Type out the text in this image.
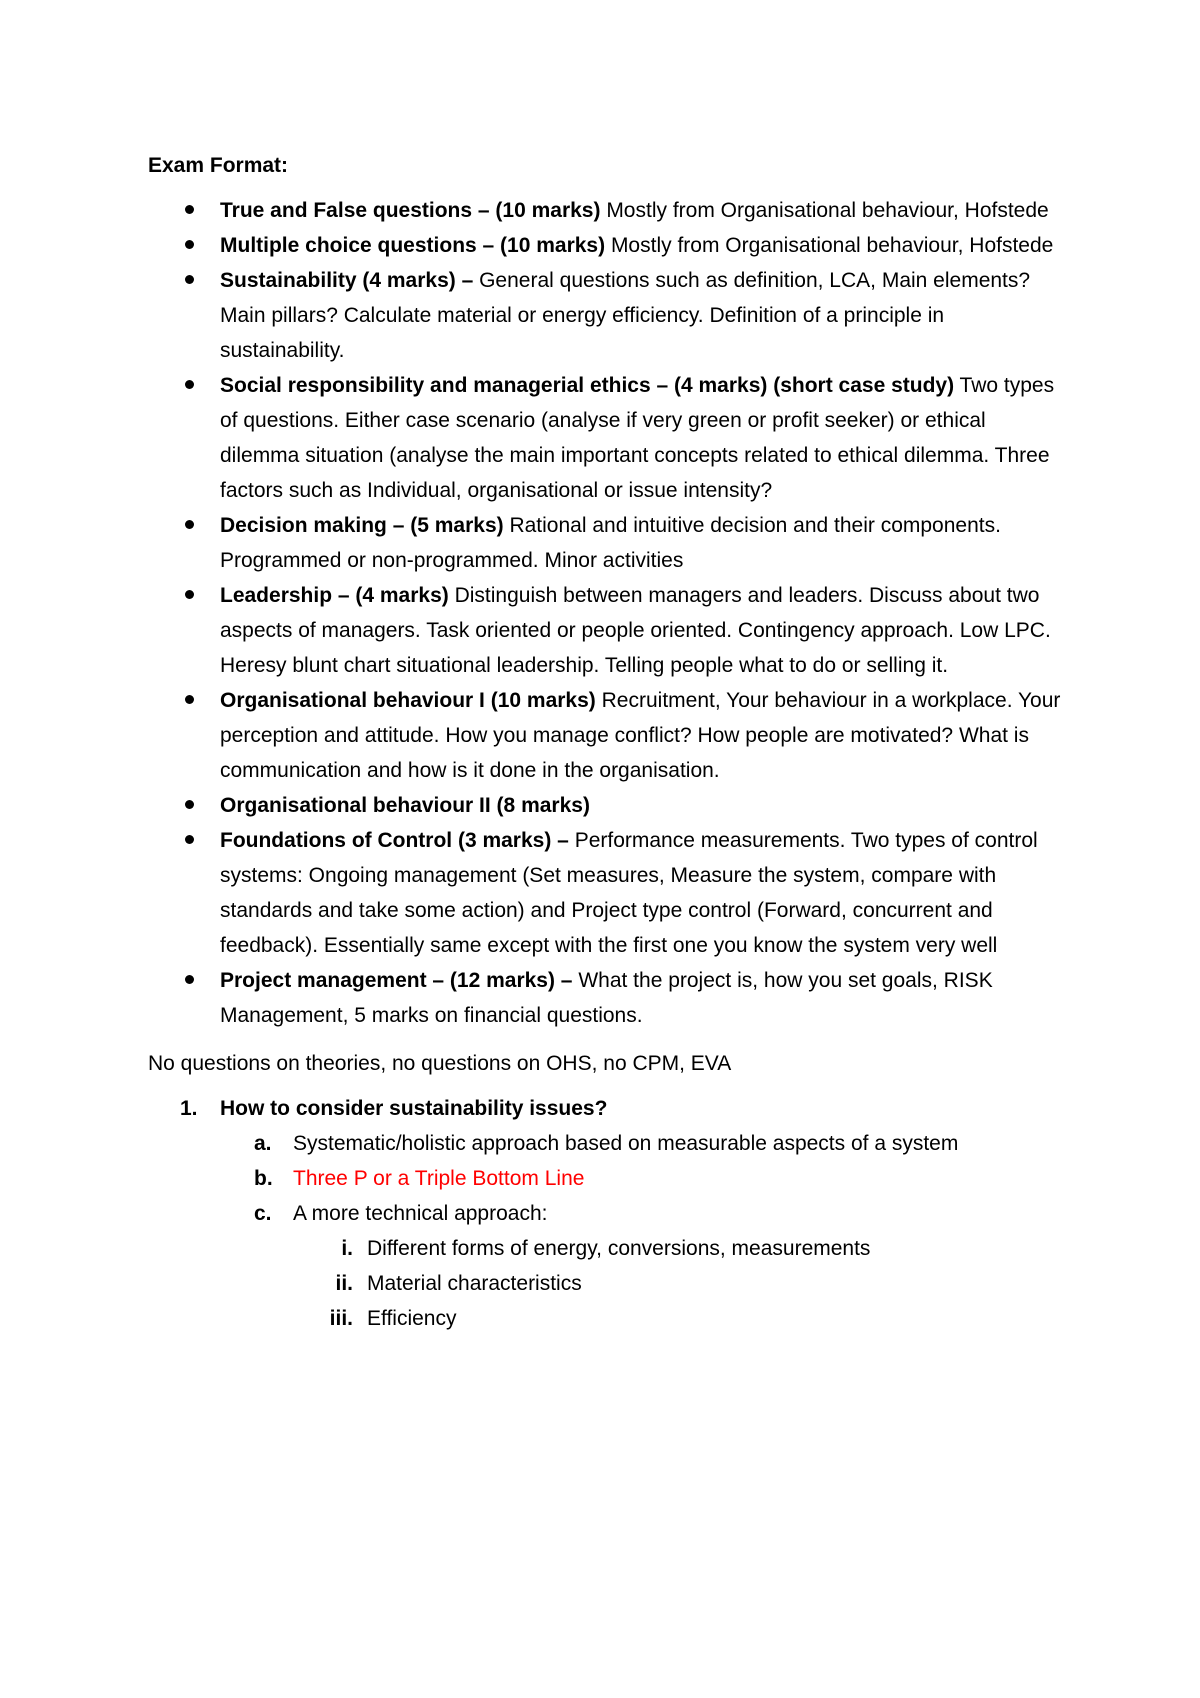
Exam Format:
True and False questions – (10 marks) Mostly from Organisational behaviour, Hofstede
Multiple choice questions – (10 marks) Mostly from Organisational behaviour, Hofstede
Sustainability (4 marks) – General questions such as definition, LCA, Main elements? Main pillars? Calculate material or energy efficiency. Definition of a principle in sustainability.
Social responsibility and managerial ethics – (4 marks) (short case study) Two types of questions. Either case scenario (analyse if very green or profit seeker) or ethical dilemma situation (analyse the main important concepts related to ethical dilemma. Three factors such as Individual, organisational or issue intensity?
Decision making – (5 marks) Rational and intuitive decision and their components. Programmed or non-programmed. Minor activities
Leadership – (4 marks) Distinguish between managers and leaders. Discuss about two aspects of managers. Task oriented or people oriented. Contingency approach. Low LPC. Heresy blunt chart situational leadership. Telling people what to do or selling it.
Organisational behaviour I (10 marks) Recruitment, Your behaviour in a workplace. Your perception and attitude. How you manage conflict? How people are motivated? What is communication and how is it done in the organisation.
Organisational behaviour II (8 marks)
Foundations of Control (3 marks) – Performance measurements. Two types of control systems: Ongoing management (Set measures, Measure the system, compare with standards and take some action) and Project type control (Forward, concurrent and feedback). Essentially same except with the first one you know the system very well
Project management – (12 marks) – What the project is, how you set goals, RISK Management, 5 marks on financial questions.
No questions on theories, no questions on OHS, no CPM, EVA
1. How to consider sustainability issues?
a. Systematic/holistic approach based on measurable aspects of a system
b. Three P or a Triple Bottom Line
c. A more technical approach:
i. Different forms of energy, conversions, measurements
ii. Material characteristics
iii. Efficiency
